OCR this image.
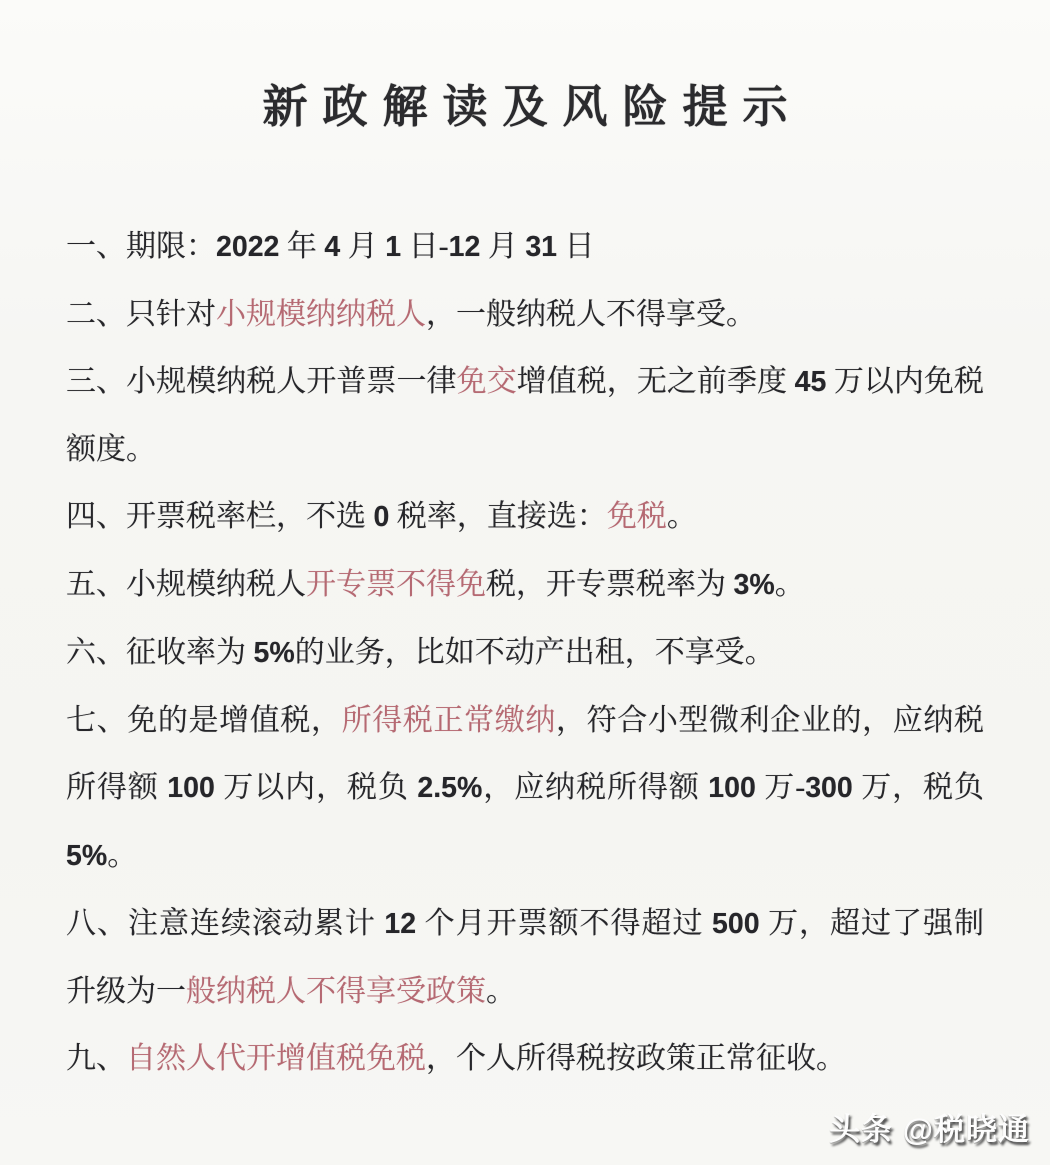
新政解读及风险提示

一、期限：2022 年 4 月 1 日-12 月 31 日

二、只针对小规模纳纳税人，一般纳税人不得享受。

三、小规模纳税人开普票一律免交增值税，无之前季度 45 万以内免税额度。

四、开票税率栏，不选 0 税率，直接选：免税。

五、小规模纳税人开专票不得免税，开专票税率为 3%。

六、征收率为 5%的业务，比如不动产出租，不享受。

七、免的是增值税，所得税正常缴纳，符合小型微利企业的，应纳税所得额 100 万以内，税负 2.5%，应纳税所得额 100 万-300 万，税负 5%。

八、注意连续滚动累计 12 个月开票额不得超过 500 万，超过了强制升级为一般纳税人不得享受政策。

九、自然人代开增值税免税，个人所得税按政策正常征收。

头条 @税晓通
